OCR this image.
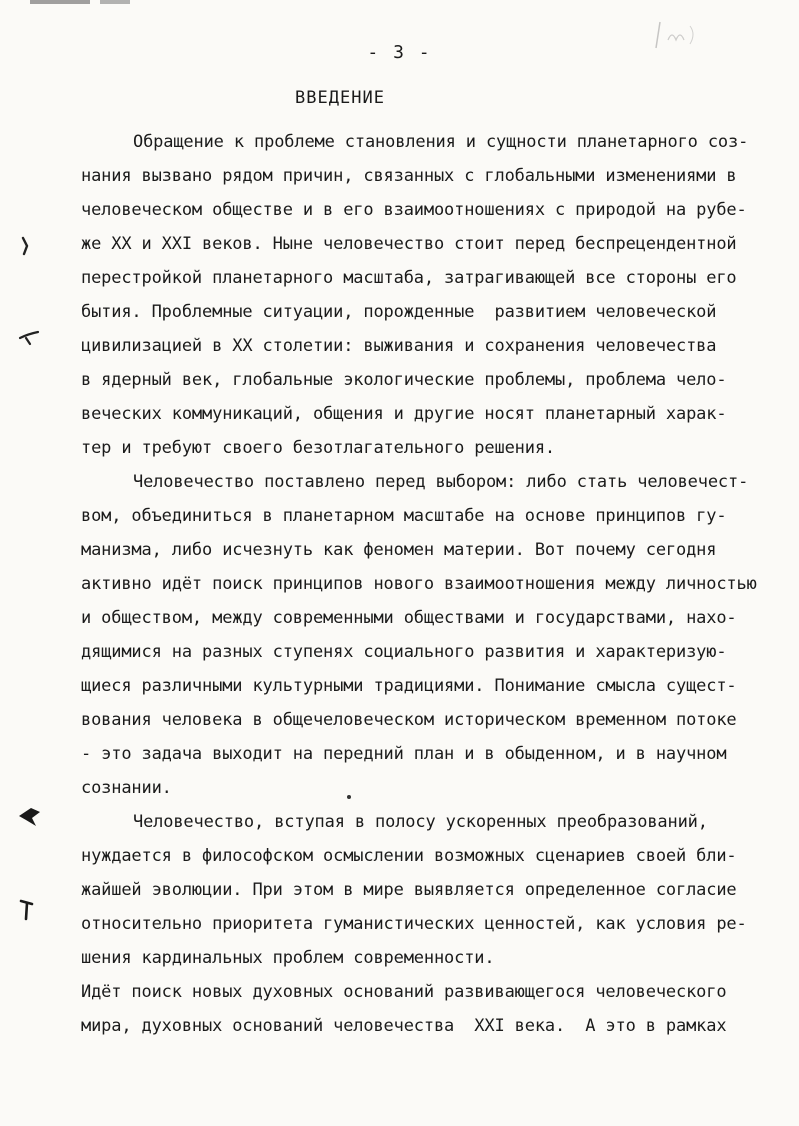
- 3 -
ВВЕДЕНИЕ
Обращение к проблеме становления и сущности планетарного соз-
нания вызвано рядом причин, связанных с глобальными изменениями в
человеческом обществе и в его взаимоотношениях с природой на рубе-
же XX и XXI веков. Ныне человечество стоит перед беспрецендентной
перестройкой планетарного масштаба, затрагивающей все стороны его
бытия. Проблемные ситуации, порожденные  развитием человеческой
цивилизацией в XX столетии: выживания и сохранения человечества
в ядерный век, глобальные экологические проблемы, проблема чело-
веческих коммуникаций, общения и другие носят планетарный харак-
тер и требуют своего безотлагательного решения.
Человечество поставлено перед выбором: либо стать человечест-
вом, объединиться в планетарном масштабе на основе принципов гу-
манизма, либо исчезнуть как феномен материи. Вот почему сегодня
активно идёт поиск принципов нового взаимоотношения между личностью
и обществом, между современными обществами и государствами, нахо-
дящимися на разных ступенях социального развития и характеризую-
щиеся различными культурными традициями. Понимание смысла сущест-
вования человека в общечеловеческом историческом временном потоке
- это задача выходит на передний план и в обыденном, и в научном
сознании.
Человечество, вступая в полосу ускоренных преобразований,
нуждается в философском осмыслении возможных сценариев своей бли-
жайшей эволюции. При этом в мире выявляется определенное согласие
относительно приоритета гуманистических ценностей, как условия ре-
шения кардинальных проблем современности.
Идёт поиск новых духовных оснований развивающегося человеческого
мира, духовных оснований человечества  XXI века.  А это в рамках
